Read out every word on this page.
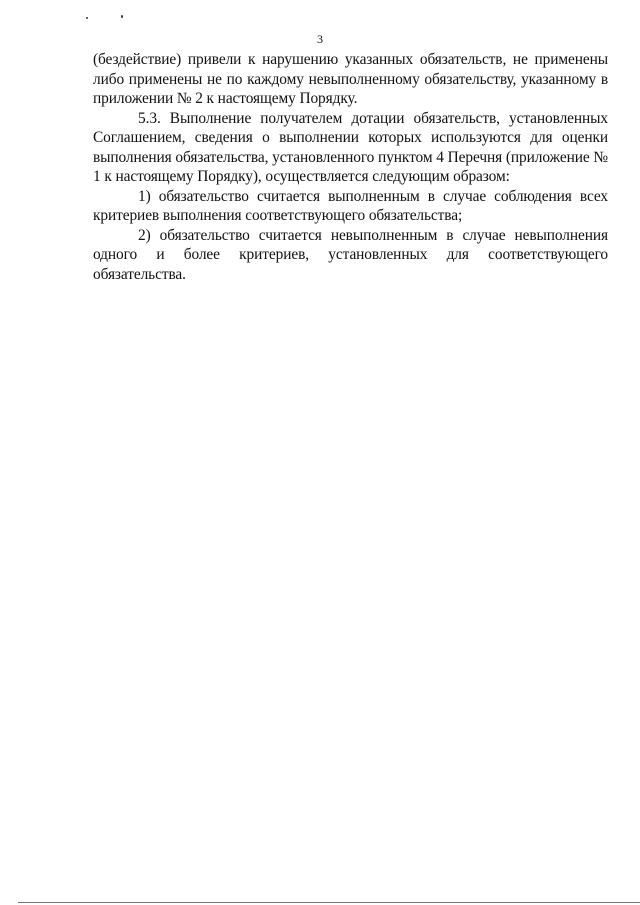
3

(бездействие) привели к нарушению указанных обязательств, не применены либо применены не по каждому невыполненному обязательству, указанному в приложении № 2 к настоящему Порядку.

5.3. Выполнение получателем дотации обязательств, установленных Соглашением, сведения о выполнении которых используются для оценки выполнения обязательства, установленного пунктом 4 Перечня (приложение № 1 к настоящему Порядку), осуществляется следующим образом:

1) обязательство считается выполненным в случае соблюдения всех критериев выполнения соответствующего обязательства;

2) обязательство считается невыполненным в случае невыполнения одного и более критериев, установленных для соответствующего обязательства.
